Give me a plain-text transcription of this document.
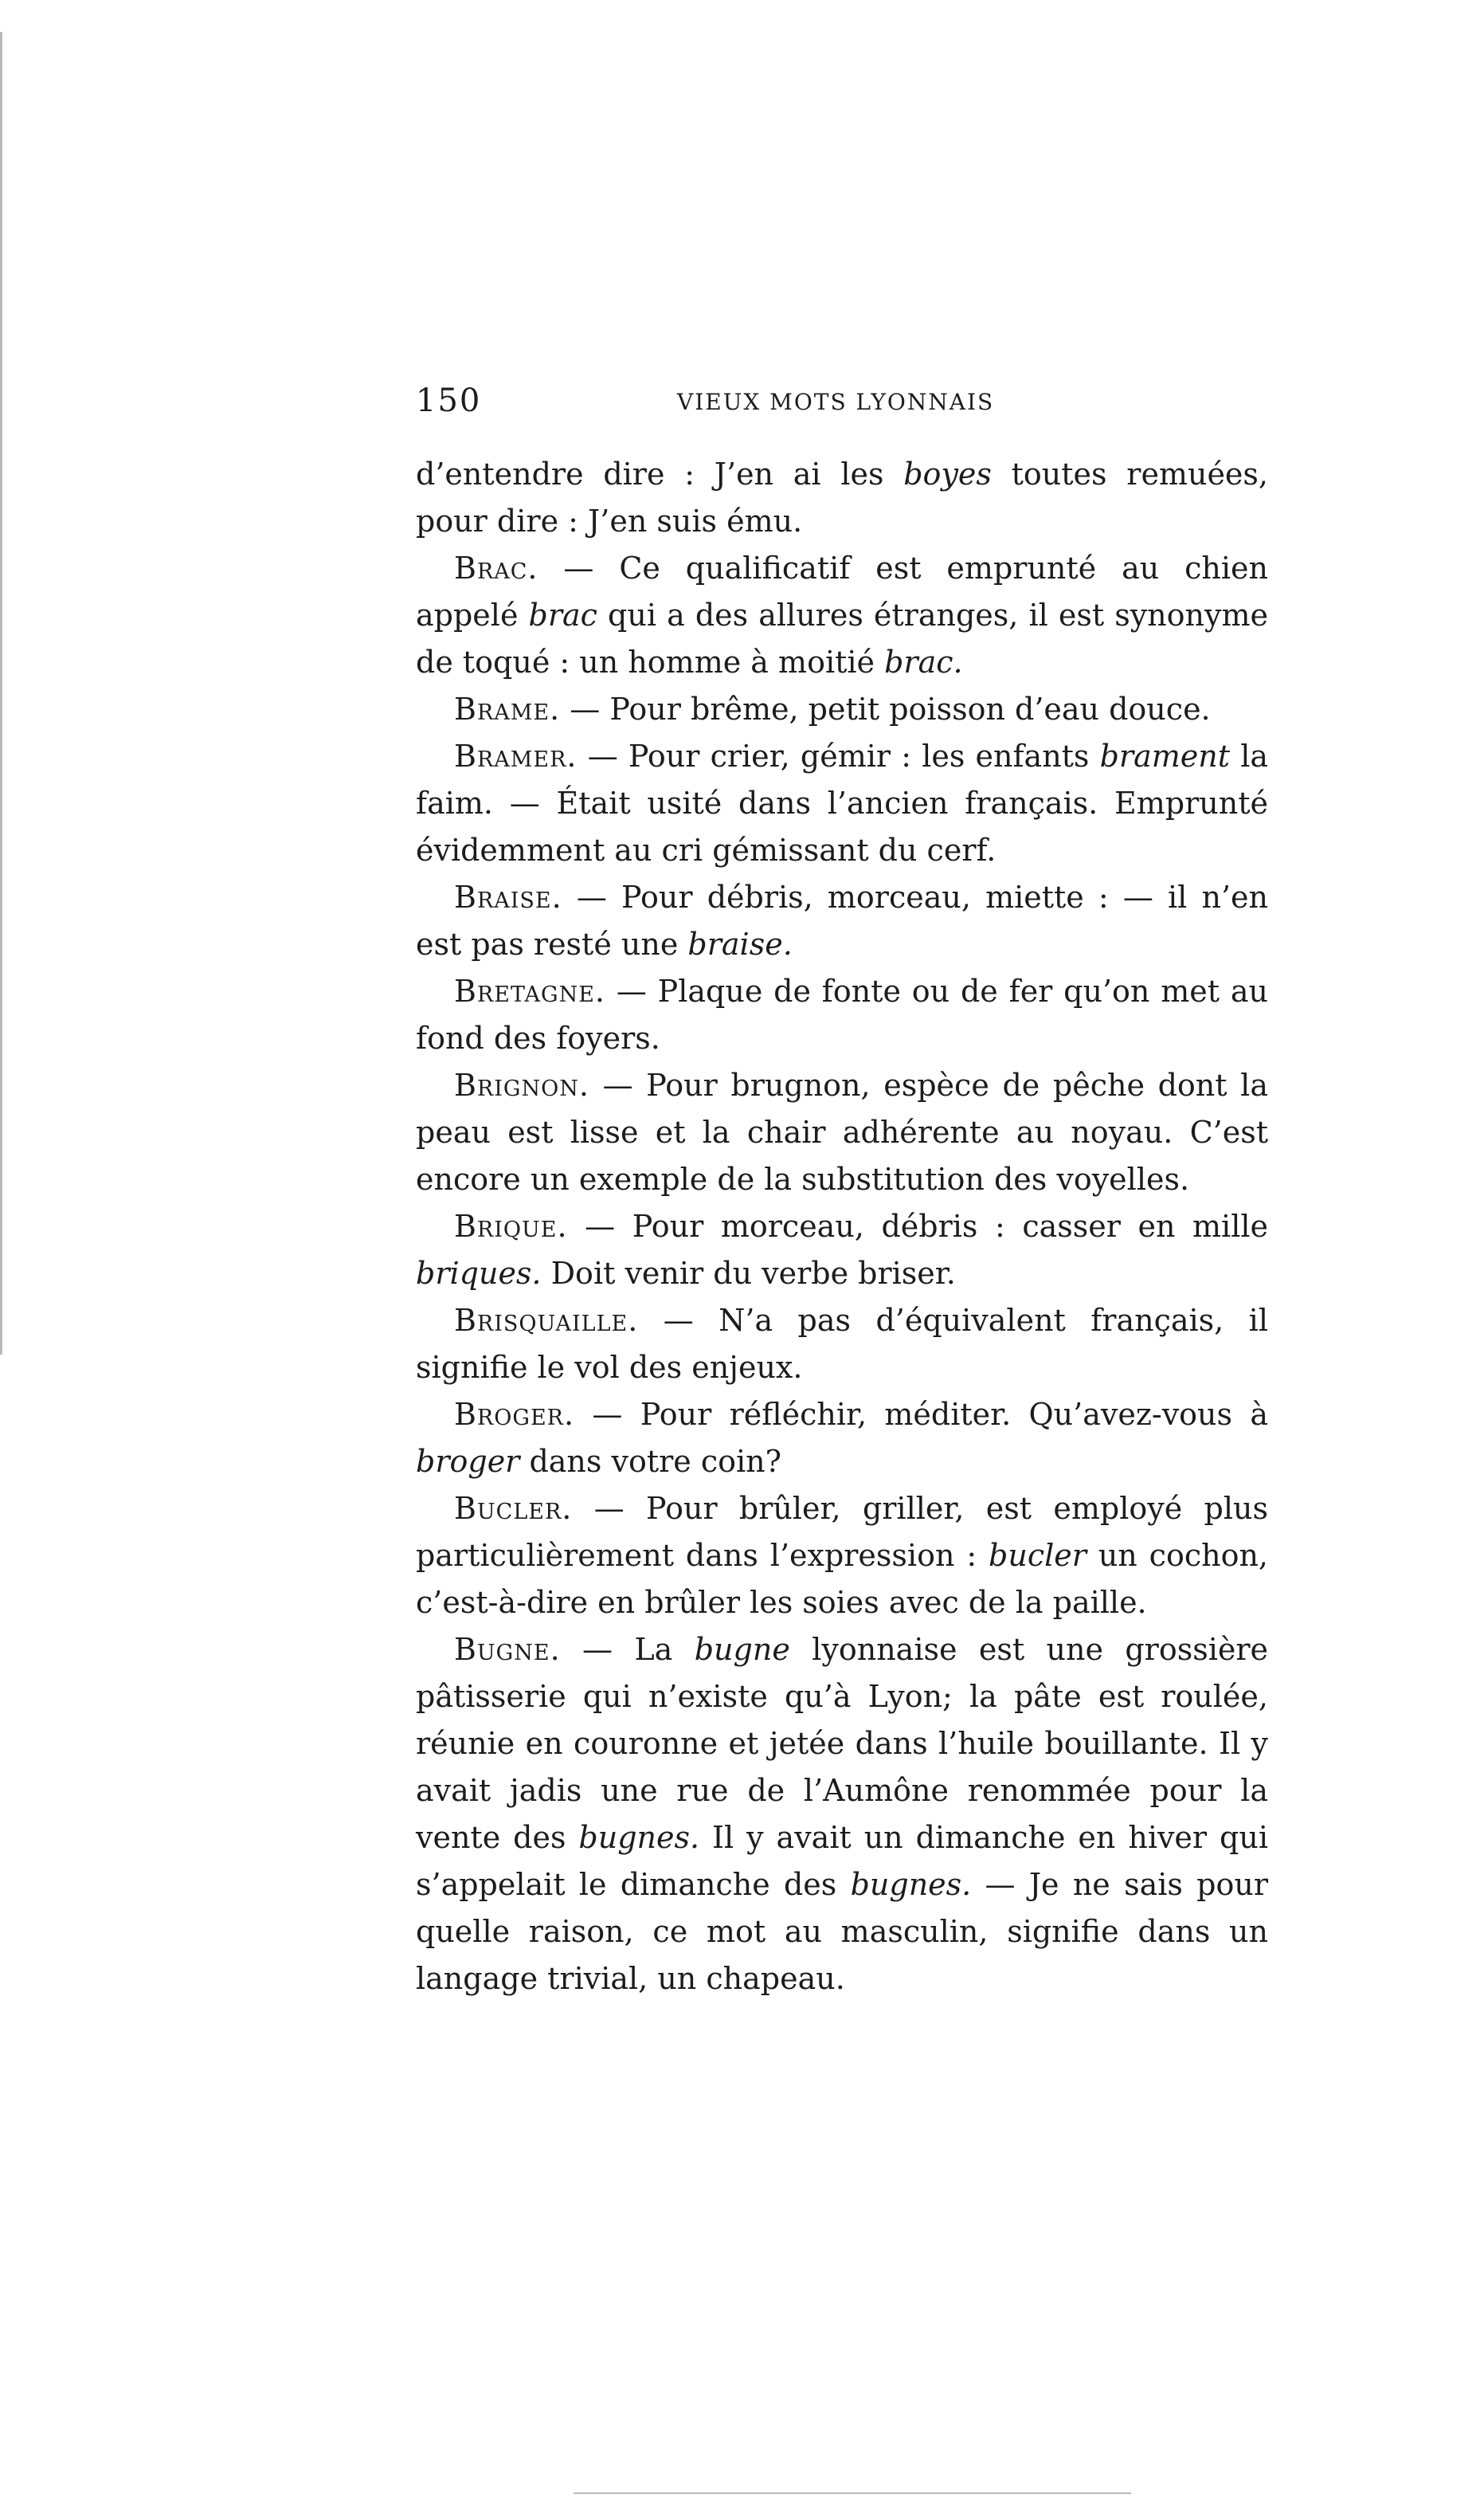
150	VIEUX MOTS LYONNAIS

d’entendre dire : J’en ai les boyes toutes remuées, pour dire : J’en suis ému.

Brac. — Ce qualificatif est emprunté au chien appelé brac qui a des allures étranges, il est synonyme de toqué : un homme à moitié brac.

Brame. — Pour brême, petit poisson d’eau douce.

Bramer. — Pour crier, gémir : les enfants brament la faim. — Était usité dans l’ancien français. Emprunté évidemment au cri gémissant du cerf.

Braise. — Pour débris, morceau, miette : — il n’en est pas resté une braise.

Bretagne. — Plaque de fonte ou de fer qu’on met au fond des foyers.

Brignon. — Pour brugnon, espèce de pêche dont la peau est lisse et la chair adhérente au noyau. C’est encore un exemple de la substitution des voyelles.

Brique. — Pour morceau, débris : casser en mille briques. Doit venir du verbe briser.

Brisquaille. — N’a pas d’équivalent français, il signifie le vol des enjeux.

Broger. — Pour réfléchir, méditer. Qu’avez-vous à broger dans votre coin?

Bucler. — Pour brûler, griller, est employé plus particulièrement dans l’expression : bucler un cochon, c’est-à-dire en brûler les soies avec de la paille.

Bugne. — La bugne lyonnaise est une grossière pâtisserie qui n’existe qu’à Lyon; la pâte est roulée, réunie en couronne et jetée dans l’huile bouillante. Il y avait jadis une rue de l’Aumône renommée pour la vente des bugnes. Il y avait un dimanche en hiver qui s’appelait le dimanche des bugnes. — Je ne sais pour quelle raison, ce mot au masculin, signifie dans un langage trivial, un chapeau.
